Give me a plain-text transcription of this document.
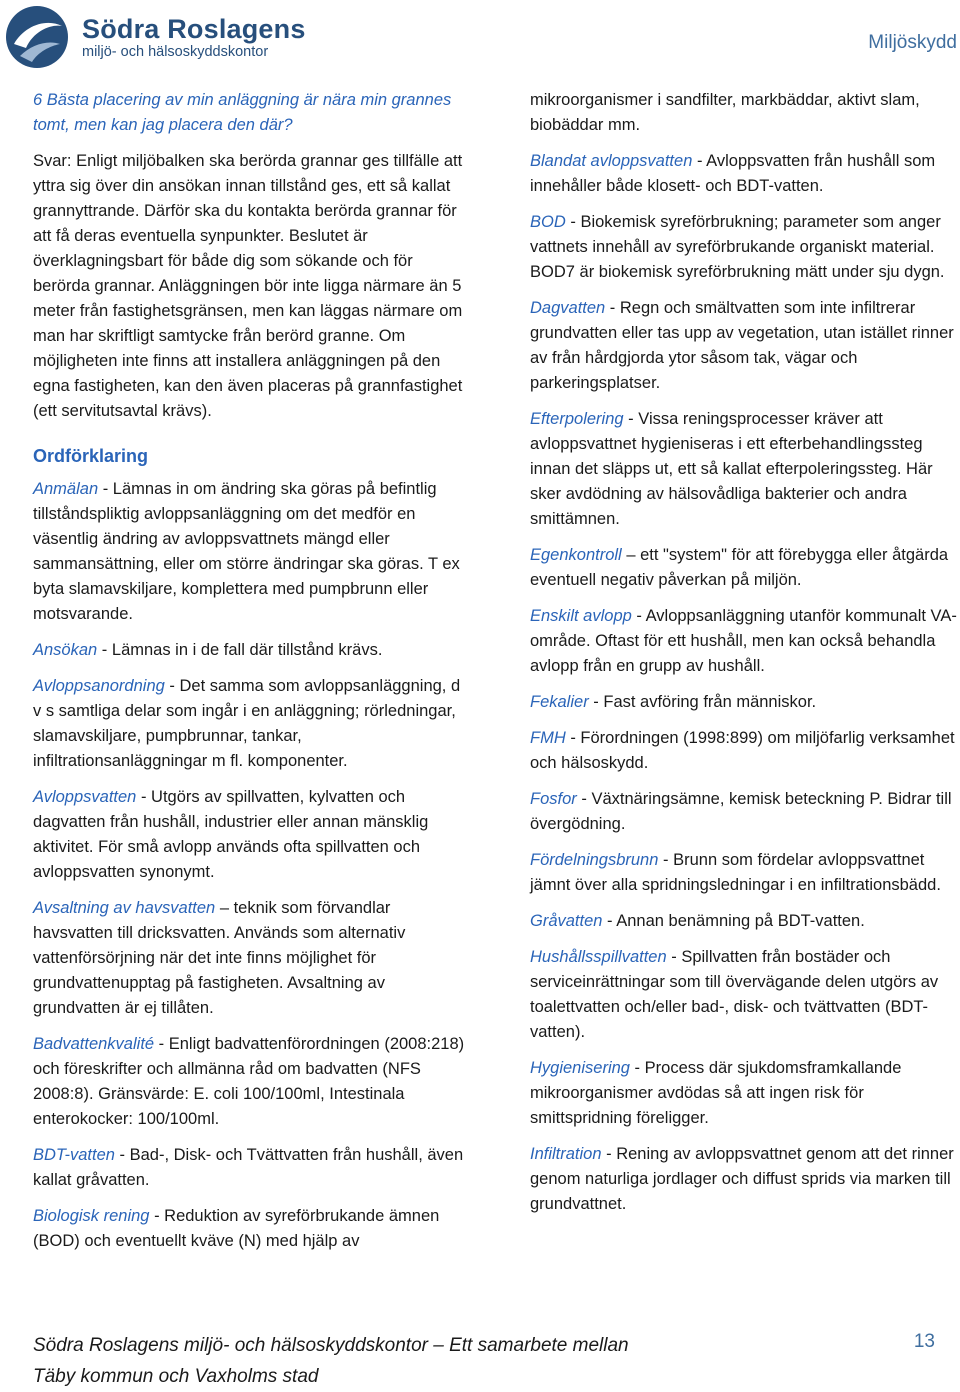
Södra Roslagens
miljö- och hälsoskyddskontor	Miljöskydd

6 Bästa placering av min anläggning är nära min grannes tomt, men kan jag placera den där?

Svar: Enligt miljöbalken ska berörda grannar ges tillfälle att yttra sig över din ansökan innan tillstånd ges, ett så kallat grannyttrande. Därför ska du kontakta berörda grannar för att få deras eventuella synpunkter. Beslutet är överklagningsbart för både dig som sökande och för berörda grannar. Anläggningen bör inte ligga närmare än 5 meter från fastighetsgränsen, men kan läggas närmare om man har skriftligt samtycke från berörd granne. Om möjligheten inte finns att installera anläggningen på den egna fastigheten, kan den även placeras på grannfastighet (ett servitutsavtal krävs).

Ordförklaring

Anmälan - Lämnas in om ändring ska göras på befintlig tillståndspliktig avloppsanläggning om det medför en väsentlig ändring av avloppsvattnets mängd eller sammansättning, eller om större ändringar ska göras. T ex byta slamavskiljare, komplettera med pumpbrunn eller motsvarande.

Ansökan - Lämnas in i de fall där tillstånd krävs.

Avloppsanordning - Det samma som avloppsanläggning, d v s samtliga delar som ingår i en anläggning; rörledningar, slamavskiljare, pumpbrunnar, tankar, infiltrationsanläggningar m fl. komponenter.

Avloppsvatten - Utgörs av spillvatten, kylvatten och dagvatten från hushåll, industrier eller annan mänsklig aktivitet. För små avlopp används ofta spillvatten och avloppsvatten synonymt.

Avsaltning av havsvatten – teknik som förvandlar havsvatten till dricksvatten. Används som alternativ vattenförsörjning när det inte finns möjlighet för grundvattenupptag på fastigheten. Avsaltning av grundvatten är ej tillåten.

Badvattenkvalité - Enligt badvattenförordningen (2008:218) och föreskrifter och allmänna råd om badvatten (NFS 2008:8). Gränsvärde: E. coli 100/100ml, Intestinala enterokocker: 100/100ml.

BDT-vatten - Bad-, Disk- och Tvättvatten från hushåll, även kallat gråvatten.

Biologisk rening - Reduktion av syreförbrukande ämnen (BOD) och eventuellt kväve (N) med hjälp av

mikroorganismer i sandfilter, markbäddar, aktivt slam, biobäddar mm.

Blandat avloppsvatten - Avloppsvatten från hushåll som innehåller både klosett- och BDT-vatten.

BOD - Biokemisk syreförbrukning; parameter som anger vattnets innehåll av syreförbrukande organiskt material. BOD7 är biokemisk syreförbrukning mätt under sju dygn.

Dagvatten - Regn och smältvatten som inte infiltrerar grundvatten eller tas upp av vegetation, utan istället rinner av från hårdgjorda ytor såsom tak, vägar och parkeringsplatser.

Efterpolering - Vissa reningsprocesser kräver att avloppsvattnet hygieniseras i ett efterbehandlingssteg innan det släpps ut, ett så kallat efterpoleringssteg. Här sker avdödning av hälsovådliga bakterier och andra smittämnen.

Egenkontroll – ett "system" för att förebygga eller åtgärda eventuell negativ påverkan på miljön.

Enskilt avlopp - Avloppsanläggning utanför kommunalt VA-område. Oftast för ett hushåll, men kan också behandla avlopp från en grupp av hushåll.

Fekalier - Fast avföring från människor.

FMH - Förordningen (1998:899) om miljöfarlig verksamhet och hälsoskydd.

Fosfor - Växtnäringsämne, kemisk beteckning P. Bidrar till övergödning.

Fördelningsbrunn - Brunn som fördelar avloppsvattnet jämnt över alla spridningsledningar i en infiltrationsbädd.

Gråvatten - Annan benämning på BDT-vatten.

Hushållsspillvatten - Spillvatten från bostäder och serviceinrättningar som till övervägande delen utgörs av toalettvatten och/eller bad-, disk- och tvättvatten (BDT-vatten).

Hygienisering - Process där sjukdomsframkallande mikroorganismer avdödas så att ingen risk för smittspridning föreligger.

Infiltration - Rening av avloppsvattnet genom att det rinner genom naturliga jordlager och diffust sprids via marken till grundvattnet.

Södra Roslagens miljö- och hälsoskyddskontor – Ett samarbete mellan
Täby kommun och Vaxholms stad
13
